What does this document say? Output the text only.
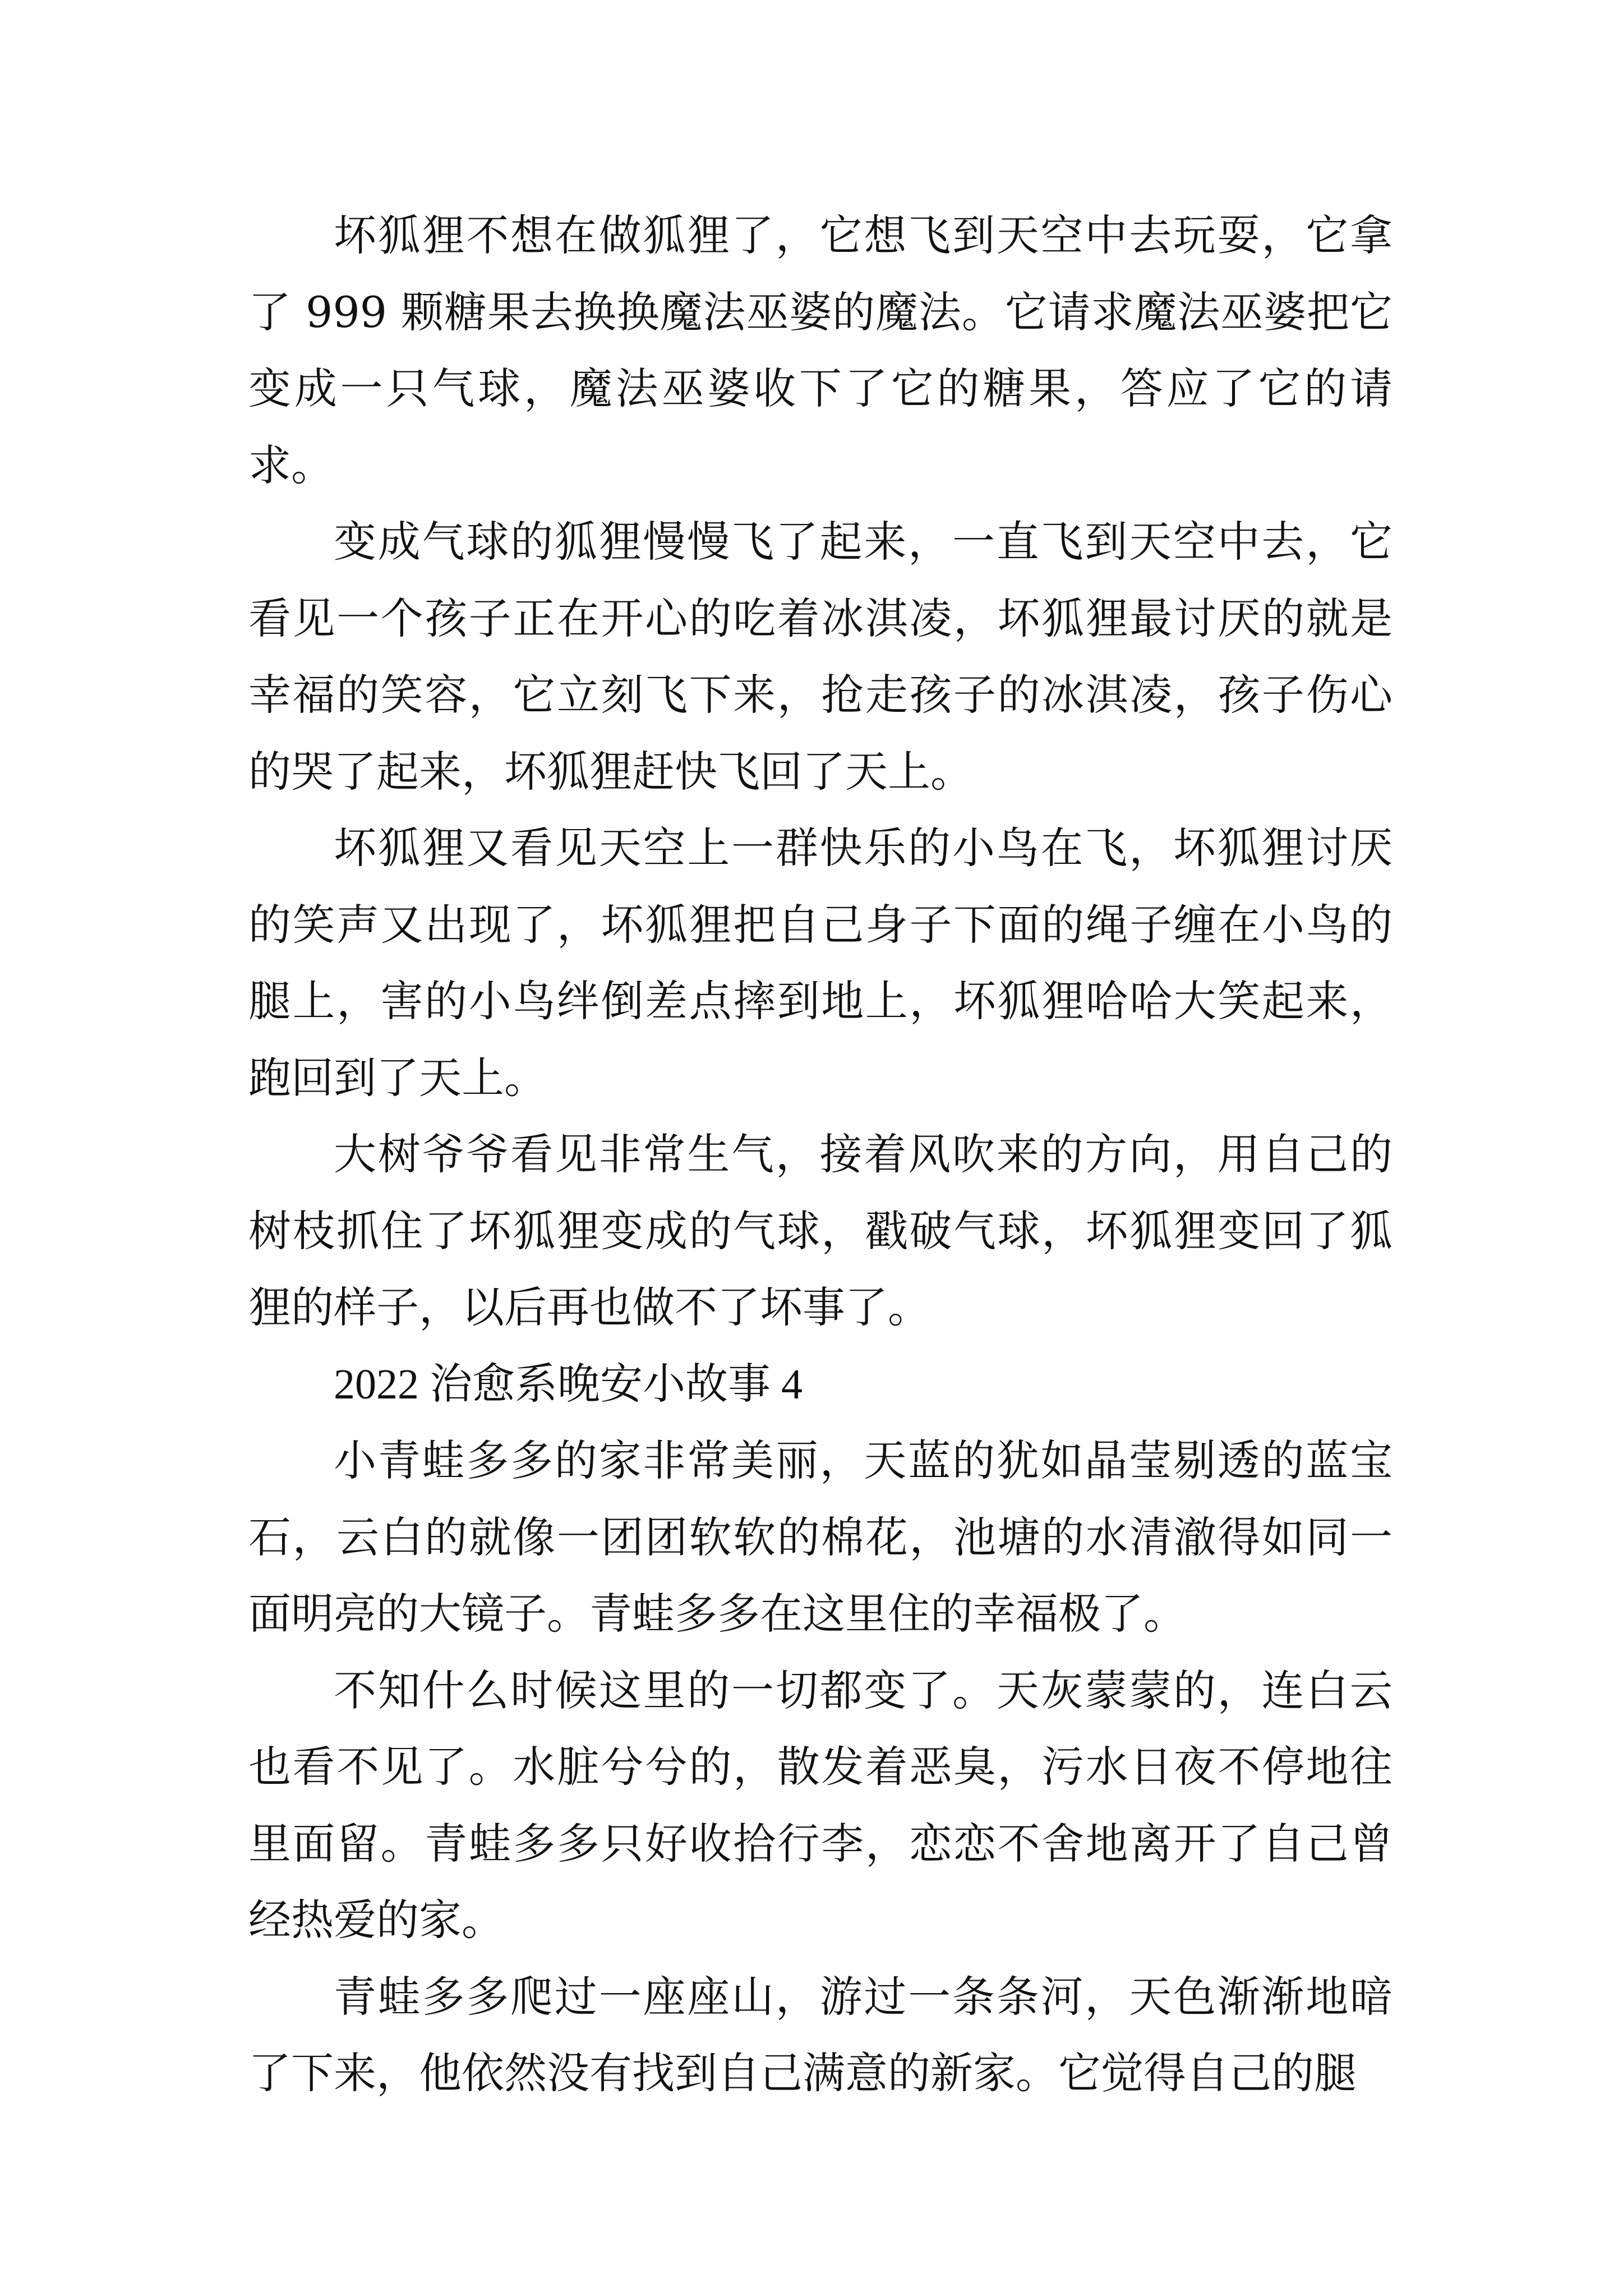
坏狐狸不想在做狐狸了，它想飞到天空中去玩耍，它拿了 999 颗糖果去换换魔法巫婆的魔法。它请求魔法巫婆把它变成一只气球，魔法巫婆收下了它的糖果，答应了它的请求。

变成气球的狐狸慢慢飞了起来，一直飞到天空中去，它看见一个孩子正在开心的吃着冰淇凌，坏狐狸最讨厌的就是幸福的笑容，它立刻飞下来，抢走孩子的冰淇凌，孩子伤心的哭了起来，坏狐狸赶快飞回了天上。

坏狐狸又看见天空上一群快乐的小鸟在飞，坏狐狸讨厌的笑声又出现了，坏狐狸把自己身子下面的绳子缠在小鸟的腿上，害的小鸟绊倒差点摔到地上，坏狐狸哈哈大笑起来，跑回到了天上。

大树爷爷看见非常生气，接着风吹来的方向，用自己的树枝抓住了坏狐狸变成的气球，戳破气球，坏狐狸变回了狐狸的样子，以后再也做不了坏事了。

2022 治愈系晚安小故事 4

小青蛙多多的家非常美丽，天蓝的犹如晶莹剔透的蓝宝石，云白的就像一团团软软的棉花，池塘的水清澈得如同一面明亮的大镜子。青蛙多多在这里住的幸福极了。

不知什么时候这里的一切都变了。天灰蒙蒙的，连白云也看不见了。水脏兮兮的，散发着恶臭，污水日夜不停地往里面留。青蛙多多只好收拾行李，恋恋不舍地离开了自己曾经热爱的家。

青蛙多多爬过一座座山，游过一条条河，天色渐渐地暗了下来，他依然没有找到自己满意的新家。它觉得自己的腿
